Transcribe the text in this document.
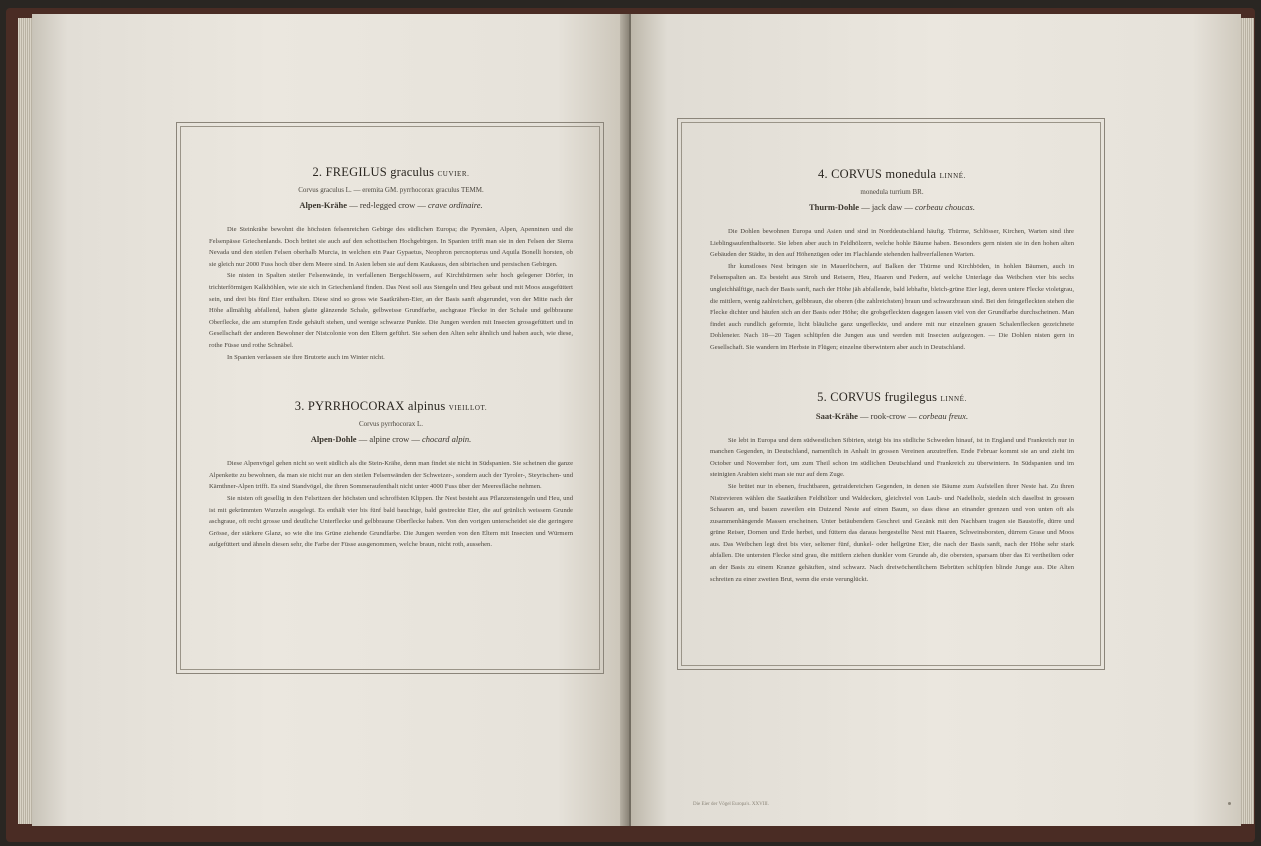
2. FREGILUS graculus CUVIER.
Corvus graculus L. — eremita GM. pyrrhocorax graculus TEMM.
Alpen-Krähe — red-legged crow — crave ordinaire.

Die Steinkrähe bewohnt die höchsten felsenreichen Gebirge des südlichen Europa; die Pyrenäen, Alpen, Apenninen und die Felsenpässe Griechenlands. Doch brütet sie auch auf den schottischen Hochgebirgen. In Spanien trifft man sie in den Felsen der Sierra Nevada und den steilen Felsen oberhalb Murcia, in welchen ein Paar Gypaetus, Neophron percnopterus und Aquila Bonelli horsten, ob sie gleich nur 2000 Fuss hoch über dem Meere sind. In Asien leben sie auf dem Kaukasus, den sibirischen und persischen Gebirgen.

Sie nisten in Spalten steiler Felsenwände, in verfallenen Bergschlössern, auf Kirchthürmen sehr hoch gelegener Dörfer, in trichterförmigen Kalkhöhlen, wie sie sich in Griechenland finden. Das Nest soll aus Stengeln und Heu gebaut und mit Moos ausgefüttert sein, und drei bis fünf Eier enthalten. Diese sind so gross wie Saatkrähen-Eier, an der Basis sanft abgerundet, von der Mitte nach der Höhe allmählig abfallend, haben glatte glänzende Schale, gelbweisse Grundfarbe, aschgraue Flecke in der Schale und gelbbraune Oberflecke, die am stumpfen Ende gehäuft stehen, und wenige schwarze Punkte. Die Jungen werden mit Insecten grossgefüttert und in Gesellschaft der anderen Bewohner der Nistcolonie von den Eltern geführt. Sie sehen den Alten sehr ähnlich und haben auch, wie diese, rothe Füsse und rothe Schnäbel.

In Spanien verlassen sie ihre Brutorte auch im Winter nicht.

3. PYRRHOCORAX alpinus VIEILLOT.
Corvus pyrrhocorax L.
Alpen-Dohle — alpine crow — chocard alpin.

Diese Alpenvögel gehen nicht so weit südlich als die Stein-Krähe, denn man findet sie nicht in Südspanien. Sie scheinen die ganze Alpenkette zu bewohnen, da man sie nicht nur an den steilen Felsenwänden der Schweizer-, sondern auch der Tyroler-, Steyrischen- und Kärnthner-Alpen trifft. Es sind Standvögel, die ihren Sommeraufenthalt nicht unter 4000 Fuss über der Meeresfläche nehmen.

Sie nisten oft gesellig in den Felsritzen der höchsten und schroffsten Klippen. Ihr Nest besteht aus Pflanzenstengeln und Heu, und ist mit gekrümmten Wurzeln ausgelegt. Es enthält vier bis fünf bald bauchige, bald gestreckte Eier, die auf grünlich weissem Grunde aschgraue, oft recht grosse und deutliche Unterflecke und gelbbraune Oberflecke haben. Von den vorigen unterscheidet sie die geringere Grösse, der stärkere Glanz, so wie die ins Grüne ziehende Grundfarbe. Die Jungen werden von den Eltern mit Insecten und Würmern aufgefüttert und ähneln diesen sehr, die Farbe der Füsse ausgenommen, welche braun, nicht roth, aussehen.

4. CORVUS monedula LINNÉ.
monedula turrium BR.
Thurm-Dohle — jack daw — corbeau choucas.

Die Dohlen bewohnen Europa und Asien und sind in Norddeutschland häufig. Thürme, Schlösser, Kirchen, Warten sind ihre Lieblingsaufenthaltsorte. Sie leben aber auch in Feldhölzern, welche hohle Bäume haben. Besonders gern nisten sie in den hohen alten Gebäuden der Städte, in den auf Höhenzügen oder im Flachlande stehenden halbverfallenen Warten.

Ihr kunstloses Nest bringen sie in Mauerlöchern, auf Balken der Thürme und Kirchböden, in hohlen Bäumen, auch in Felsenspalten an. Es besteht aus Stroh und Reisern, Heu, Haaren und Federn, auf welche Unterlage das Weibchen vier bis sechs ungleichhälftige, nach der Basis sanft, nach der Höhe jäh abfallende, bald lebhafte, bleich-grüne Eier legt, deren untere Flecke violetgrau, die mittlern, wenig zahlreichen, gelbbraun, die oberen (die zahlreichsten) braun und schwarzbraun sind. Bei den feingefleckten stehen die Flecke dichter und häufen sich an der Basis oder Höhe; die grobgefleckten dagegen lassen viel von der Grundfarbe durchscheinen. Man findet auch rundlich geformte, licht bläuliche ganz ungefleckte, und andere mit nur einzelnen grauen Schalenflecken gezeichnete Dohleneier. Nach 18—20 Tagen schlüpfen die Jungen aus und werden mit Insecten aufgezogen. — Die Dohlen nisten gern in Gesellschaft. Sie wandern im Herbste in Flügen; einzelne überwintern aber auch in Deutschland.

5. CORVUS frugilegus LINNÉ.
Saat-Krähe — rook-crow — corbeau freux.

Sie lebt in Europa und dem südwestlichen Sibirien, steigt bis ins südliche Schweden hinauf, ist in England und Frankreich nur in manchen Gegenden, in Deutschland, namentlich in Anhalt in grossen Vereinen anzutreffen. Ende Februar kommt sie an und zieht im October und November fort, um zum Theil schon im südlichen Deutschland und Frankreich zu überwintern. In Südspanien und im steinigten Arabien sieht man sie nur auf dem Zuge.

Sie brütet nur in ebenen, fruchtbaren, getraidereichen Gegenden, in denen sie Bäume zum Aufstellen ihrer Neste hat. Zu ihren Nistrevieren wählen die Saatkrähen Feldhölzer und Waldecken, gleichviel von Laub- und Nadelholz, siedeln sich daselbst in grossen Schaaren an, und bauen zuweilen ein Dutzend Neste auf einen Baum, so dass diese an einander grenzen und von unten oft als zusammenhängende Massen erscheinen. Unter betäubendem Geschrei und Gezänk mit den Nachbarn tragen sie Baustoffe, dürre und grüne Reiser, Dornen und Erde herbei, und füttern das daraus hergestellte Nest mit Haaren, Schweinsborsten, dürrem Grase und Moos aus. Das Weibchen legt drei bis vier, seltener fünf, dunkel- oder hellgrüne Eier, die nach der Basis sanft, nach der Höhe sehr stark abfallen. Die untersten Flecke sind grau, die mittlern ziehen dunkler vom Grunde ab, die obersten, sparsam über das Ei vertheilten oder an der Basis zu einem Kranze gehäuften, sind schwarz. Nach dreiwöchentlichem Bebrüten schlüpfen blinde Junge aus. Die Alten schreiten zu einer zweiten Brut, wenn die erste verunglückt.

Die Eier der Vögel Europa's. XXVIII.
